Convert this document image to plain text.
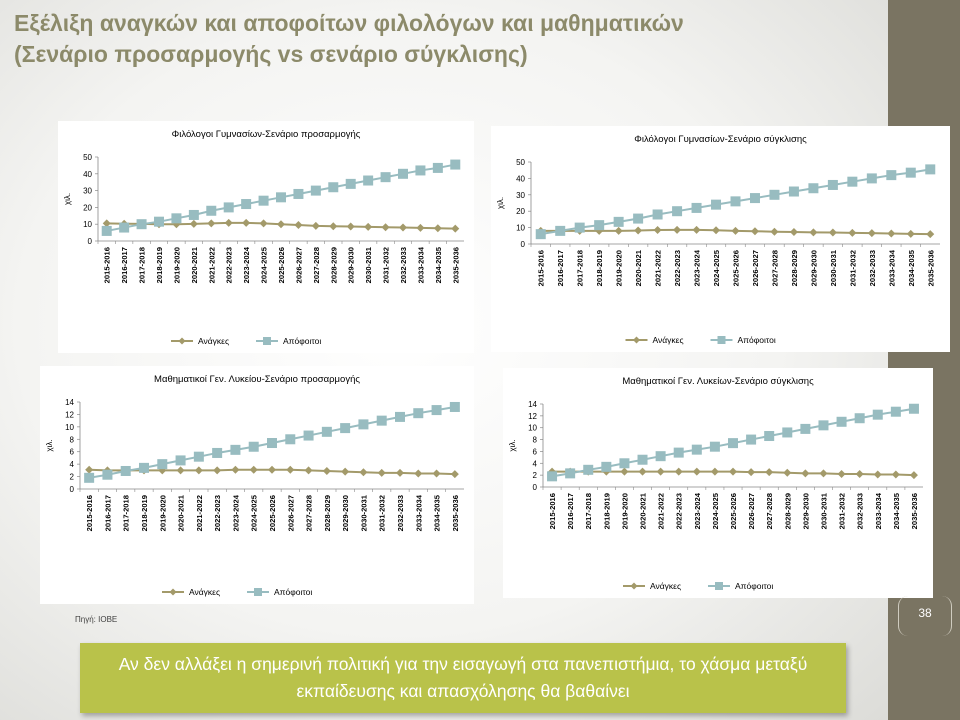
Εξέλιξη αναγκών και αποφοίτων φιλολόγων και μαθηματικών
(Σενάριο προσαρμογής vs σενάριο σύγκλισης)
Φιλόλογοι Γυμνασίων-Σενάριο προσαρμογής
0
10
20
30
40
50
χιλ.
2015-2016 2016-2017 2017-2018 2018-2019 2019-2020 2020-2021 2021-2022 2022-2023 2023-2024 2024-2025 2025-2026 2026-2027 2027-2028 2028-2029 2029-2030 2030-2031 2031-2032 2032-2033 2033-2034 2034-2035 2035-2036
Ανάγκες	Απόφοιτοι
Φιλόλογοι Γυμνασίων-Σενάριο σύγκλισης
0
10
20
30
40
50
χιλ.
2015-2016 2016-2017 2017-2018 2018-2019 2019-2020 2020-2021 2021-2022 2022-2023 2023-2024 2024-2025 2025-2026 2026-2027 2027-2028 2028-2029 2029-2030 2030-2031 2031-2032 2032-2033 2033-2034 2034-2035 2035-2036
Ανάγκες	Απόφοιτοι
Μαθηματικοί Γεν. Λυκείου-Σενάριο προσαρμογής
0
2
4
6
8
10
12
14
χιλ.
2015-2016 2016-2017 2017-2018 2018-2019 2019-2020 2020-2021 2021-2022 2022-2023 2023-2024 2024-2025 2025-2026 2026-2027 2027-2028 2028-2029 2029-2030 2030-2031 2031-2032 2032-2033 2033-2034 2034-2035 2035-2036
Ανάγκες	Απόφοιτοι
Μαθηματικοί Γεν. Λυκείων-Σενάριο σύγκλισης
0
2
4
6
8
10
12
14
χιλ.
2015-2016 2016-2017 2017-2018 2018-2019 2019-2020 2020-2021 2021-2022 2022-2023 2023-2024 2024-2025 2025-2026 2026-2027 2027-2028 2028-2029 2029-2030 2030-2031 2031-2032 2032-2033 2033-2034 2034-2035 2035-2036
Ανάγκες	Απόφοιτοι
Πηγή: ΙΟΒΕ	38
Αν δεν αλλάξει η σημερινή πολιτική για την εισαγωγή στα πανεπιστήμια, το χάσμα μεταξύ εκπαίδευσης και απασχόλησης θα βαθαίνει
